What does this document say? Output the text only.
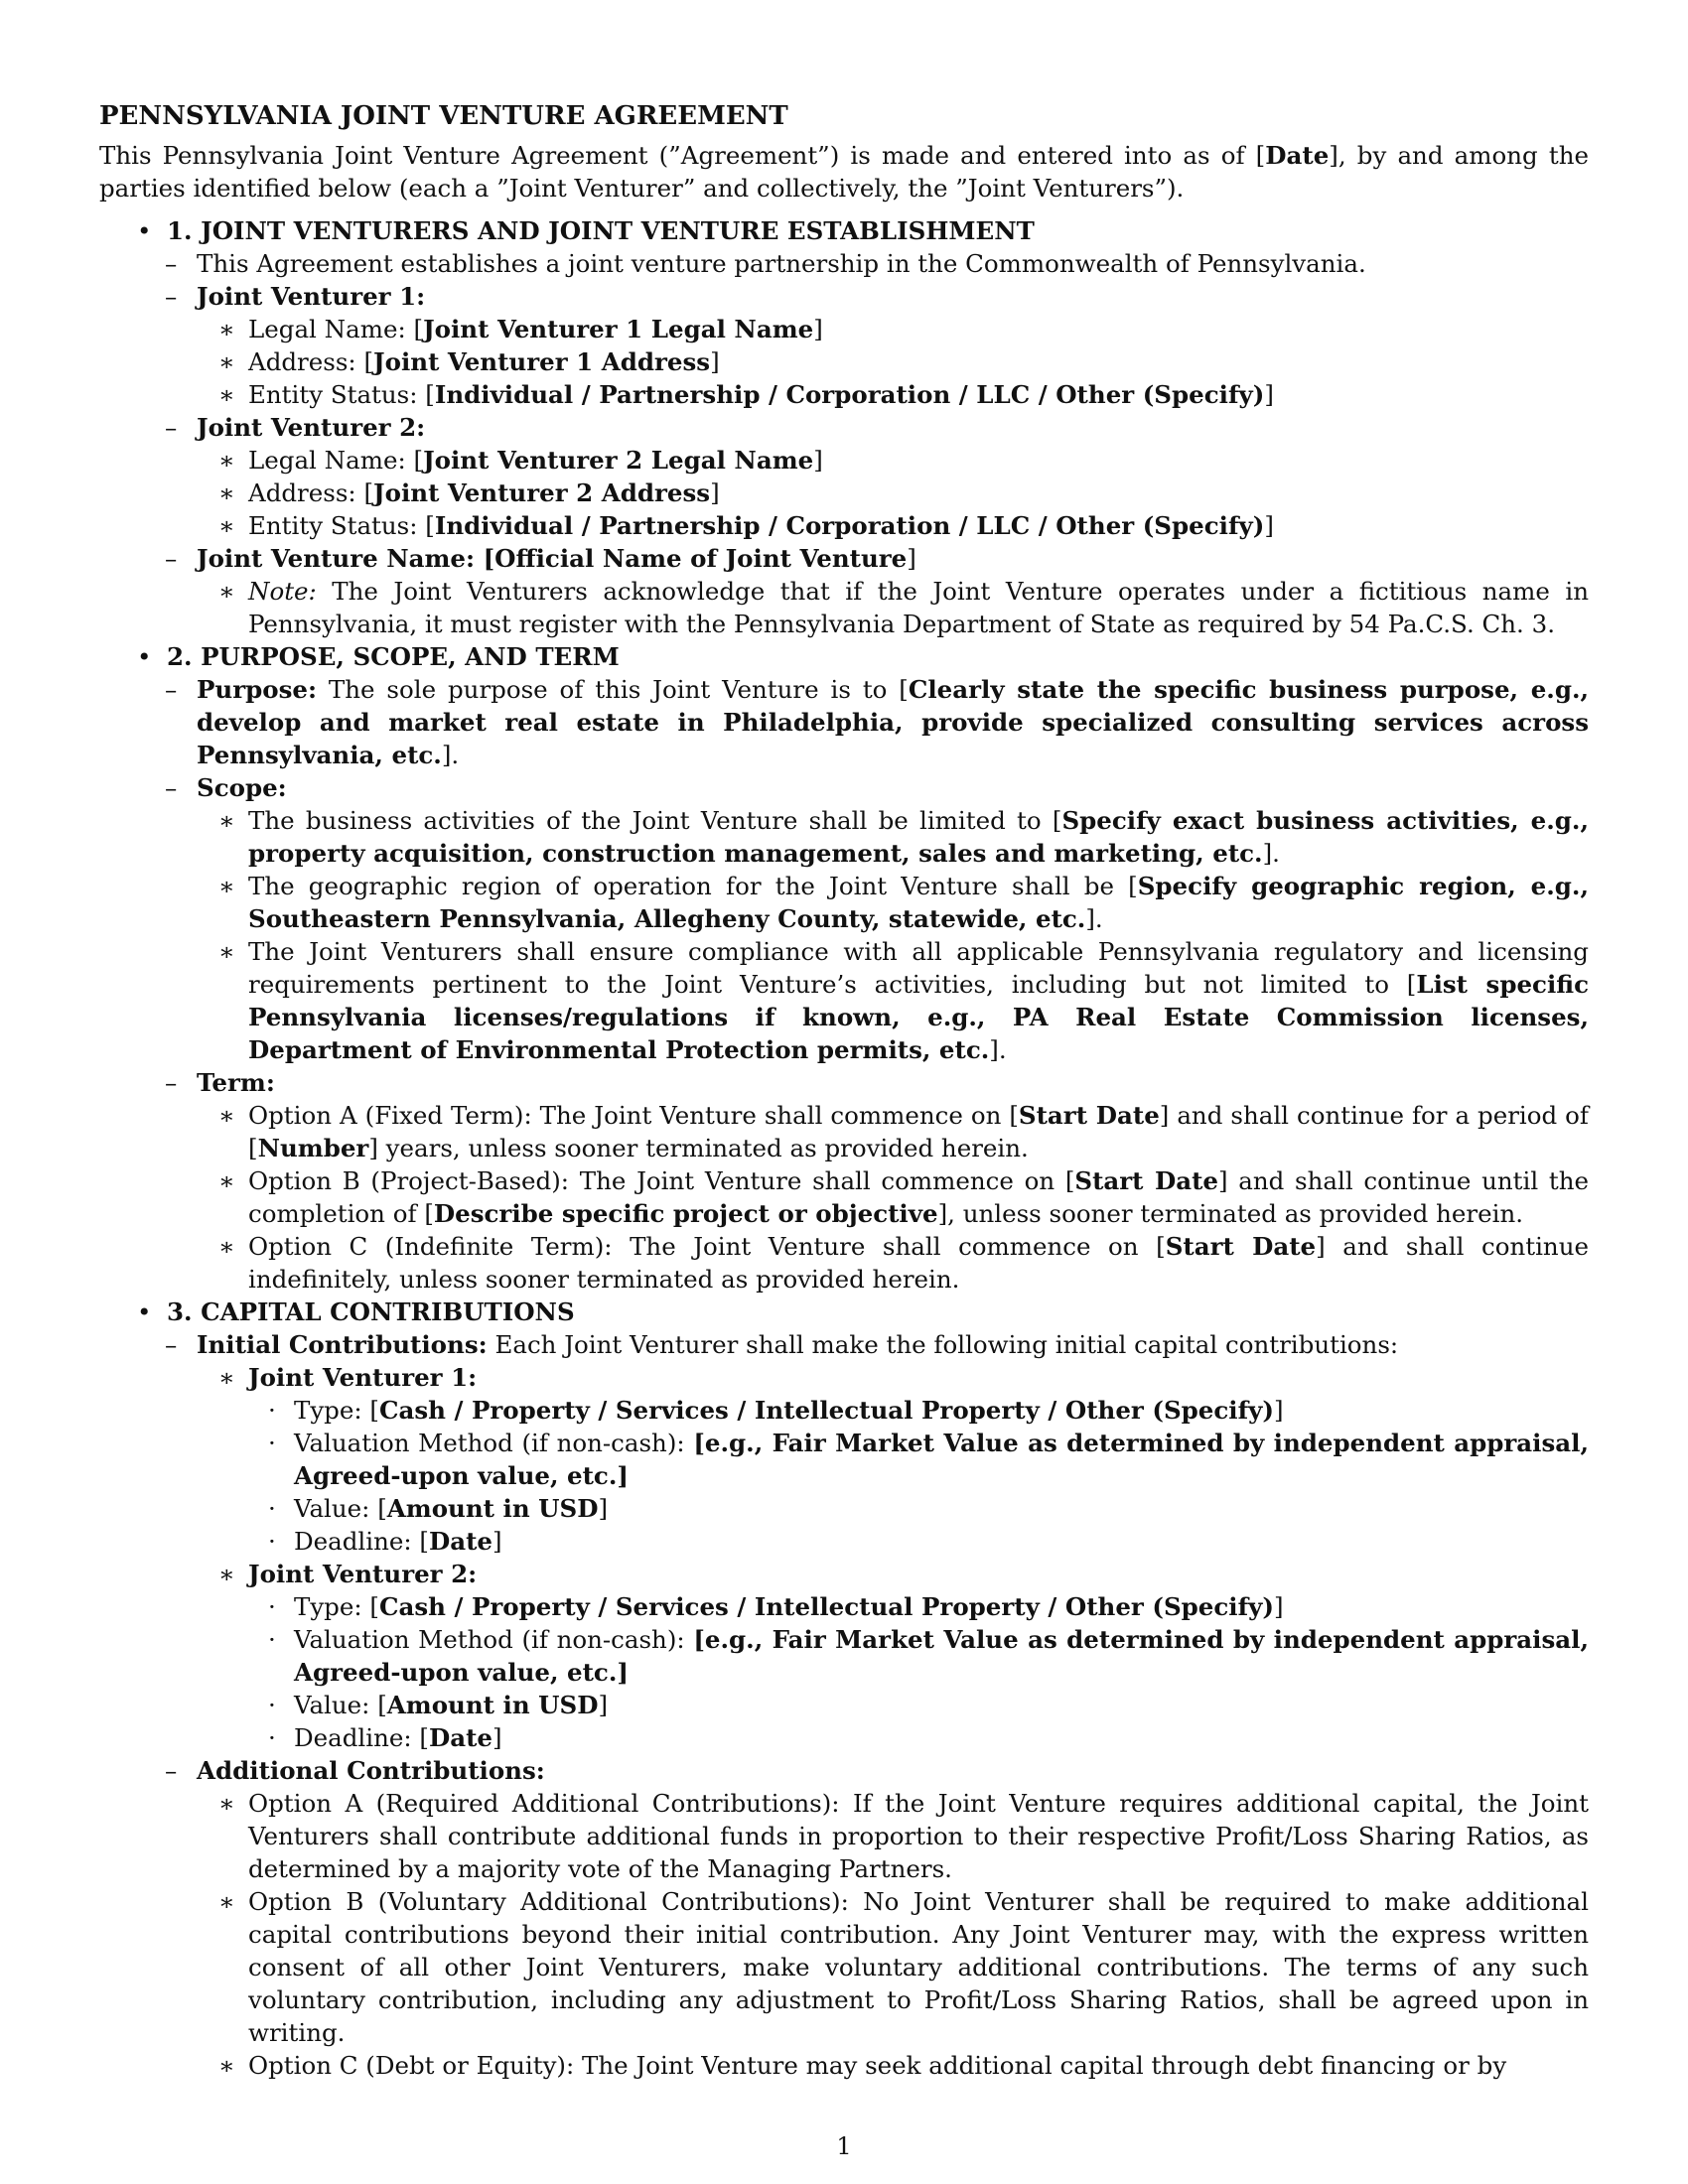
PENNSYLVANIA JOINT VENTURE AGREEMENT

This Pennsylvania Joint Venture Agreement (”Agreement”) is made and entered into as of [Date], by and among the parties identified below (each a ”Joint Venturer” and collectively, the ”Joint Venturers”).

• 1. JOINT VENTURERS AND JOINT VENTURE ESTABLISHMENT
– This Agreement establishes a joint venture partnership in the Commonwealth of Pennsylvania.
– Joint Venturer 1:
∗ Legal Name: [Joint Venturer 1 Legal Name]
∗ Address: [Joint Venturer 1 Address]
∗ Entity Status: [Individual / Partnership / Corporation / LLC / Other (Specify)]
– Joint Venturer 2:
∗ Legal Name: [Joint Venturer 2 Legal Name]
∗ Address: [Joint Venturer 2 Address]
∗ Entity Status: [Individual / Partnership / Corporation / LLC / Other (Specify)]
– Joint Venture Name: [Official Name of Joint Venture]
∗ Note: The Joint Venturers acknowledge that if the Joint Venture operates under a fictitious name in Pennsylvania, it must register with the Pennsylvania Department of State as required by 54 Pa.C.S. Ch. 3.
• 2. PURPOSE, SCOPE, AND TERM
– Purpose: The sole purpose of this Joint Venture is to [Clearly state the specific business purpose, e.g., develop and market real estate in Philadelphia, provide specialized consulting services across Pennsylvania, etc.].
– Scope:
∗ The business activities of the Joint Venture shall be limited to [Specify exact business activities, e.g., property acquisition, construction management, sales and marketing, etc.].
∗ The geographic region of operation for the Joint Venture shall be [Specify geographic region, e.g., Southeastern Pennsylvania, Allegheny County, statewide, etc.].
∗ The Joint Venturers shall ensure compliance with all applicable Pennsylvania regulatory and licensing requirements pertinent to the Joint Venture’s activities, including but not limited to [List specific Pennsylvania licenses/regulations if known, e.g., PA Real Estate Commission licenses, Department of Environmental Protection permits, etc.].
– Term:
∗ Option A (Fixed Term): The Joint Venture shall commence on [Start Date] and shall continue for a period of [Number] years, unless sooner terminated as provided herein.
∗ Option B (Project-Based): The Joint Venture shall commence on [Start Date] and shall continue until the completion of [Describe specific project or objective], unless sooner terminated as provided herein.
∗ Option C (Indefinite Term): The Joint Venture shall commence on [Start Date] and shall continue indefinitely, unless sooner terminated as provided herein.
• 3. CAPITAL CONTRIBUTIONS
– Initial Contributions: Each Joint Venturer shall make the following initial capital contributions:
∗ Joint Venturer 1:
· Type: [Cash / Property / Services / Intellectual Property / Other (Specify)]
· Valuation Method (if non-cash): [e.g., Fair Market Value as determined by independent appraisal, Agreed-upon value, etc.]
· Value: [Amount in USD]
· Deadline: [Date]
∗ Joint Venturer 2:
· Type: [Cash / Property / Services / Intellectual Property / Other (Specify)]
· Valuation Method (if non-cash): [e.g., Fair Market Value as determined by independent appraisal, Agreed-upon value, etc.]
· Value: [Amount in USD]
· Deadline: [Date]
– Additional Contributions:
∗ Option A (Required Additional Contributions): If the Joint Venture requires additional capital, the Joint Venturers shall contribute additional funds in proportion to their respective Profit/Loss Sharing Ratios, as determined by a majority vote of the Managing Partners.
∗ Option B (Voluntary Additional Contributions): No Joint Venturer shall be required to make additional capital contributions beyond their initial contribution. Any Joint Venturer may, with the express written consent of all other Joint Venturers, make voluntary additional contributions. The terms of any such voluntary contribution, including any adjustment to Profit/Loss Sharing Ratios, shall be agreed upon in writing.
∗ Option C (Debt or Equity): The Joint Venture may seek additional capital through debt financing or by
1
